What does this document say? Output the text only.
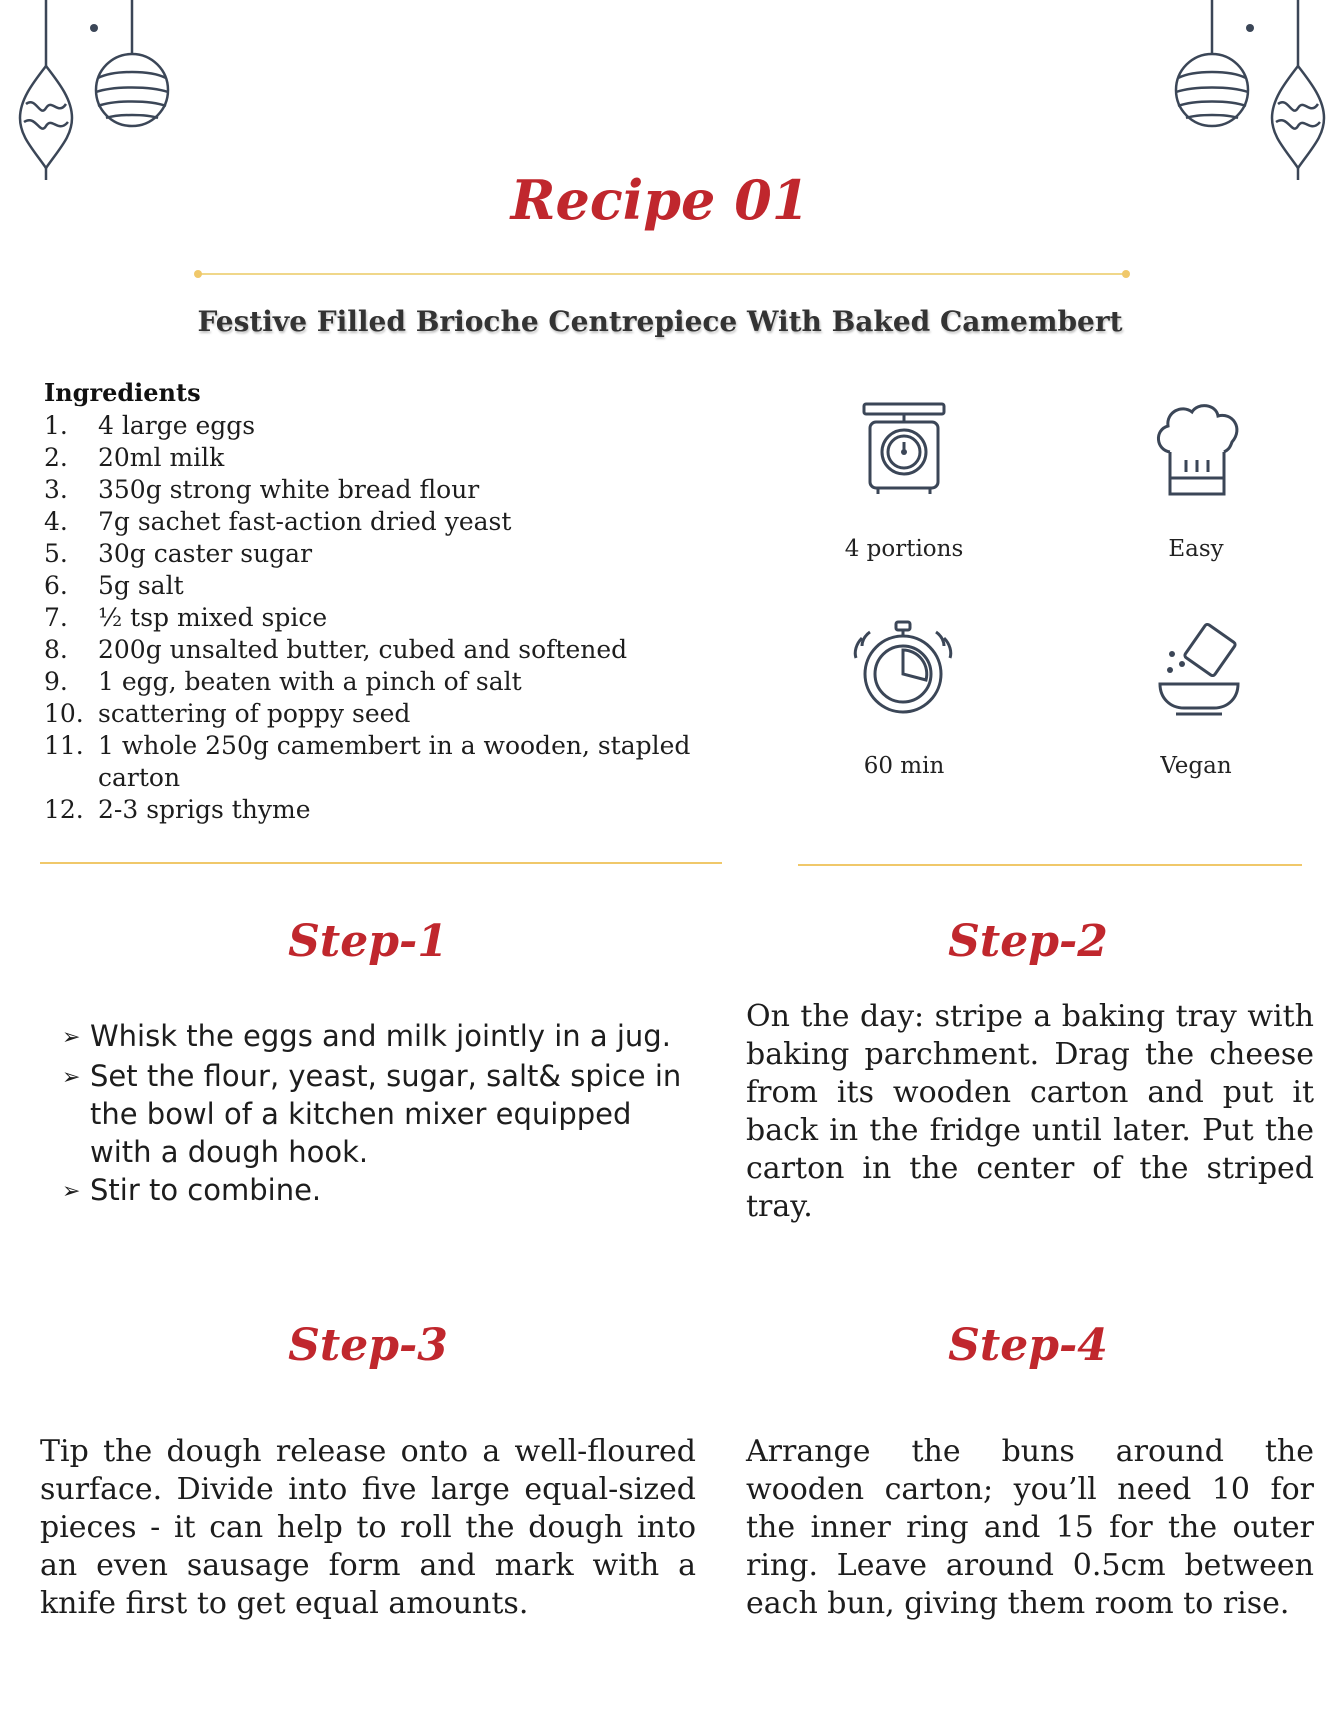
Recipe 01
Festive Filled Brioche Centrepiece With Baked Camembert
Ingredients
1.	4 large eggs
2.	20ml milk
3.	350g strong white bread flour
4.	7g sachet fast-action dried yeast
5.	30g caster sugar
6.	5g salt
7.	½ tsp mixed spice
8.	200g unsalted butter, cubed and softened
9.	1 egg, beaten with a pinch of salt
10. scattering of poppy seed
11. 1 whole 250g camembert in a wooden, stapled carton
12. 2-3 sprigs thyme
4 portions	Easy
60 min	Vegan
Step-1
➢ Whisk the eggs and milk jointly in a jug.
➢ Set the flour, yeast, sugar, salt& spice in the bowl of a kitchen mixer equipped with a dough hook.
➢ Stir to combine.
Step-2
On the day: stripe a baking tray with baking parchment. Drag the cheese from its wooden carton and put it back in the fridge until later. Put the carton in the center of the striped tray.
Step-3
Tip the dough release onto a well-floured surface. Divide into five large equal-sized pieces - it can help to roll the dough into an even sausage form and mark with a knife first to get equal amounts.
Step-4
Arrange the buns around the wooden carton; you’ll need 10 for the inner ring and 15 for the outer ring. Leave around 0.5cm between each bun, giving them room to rise.
